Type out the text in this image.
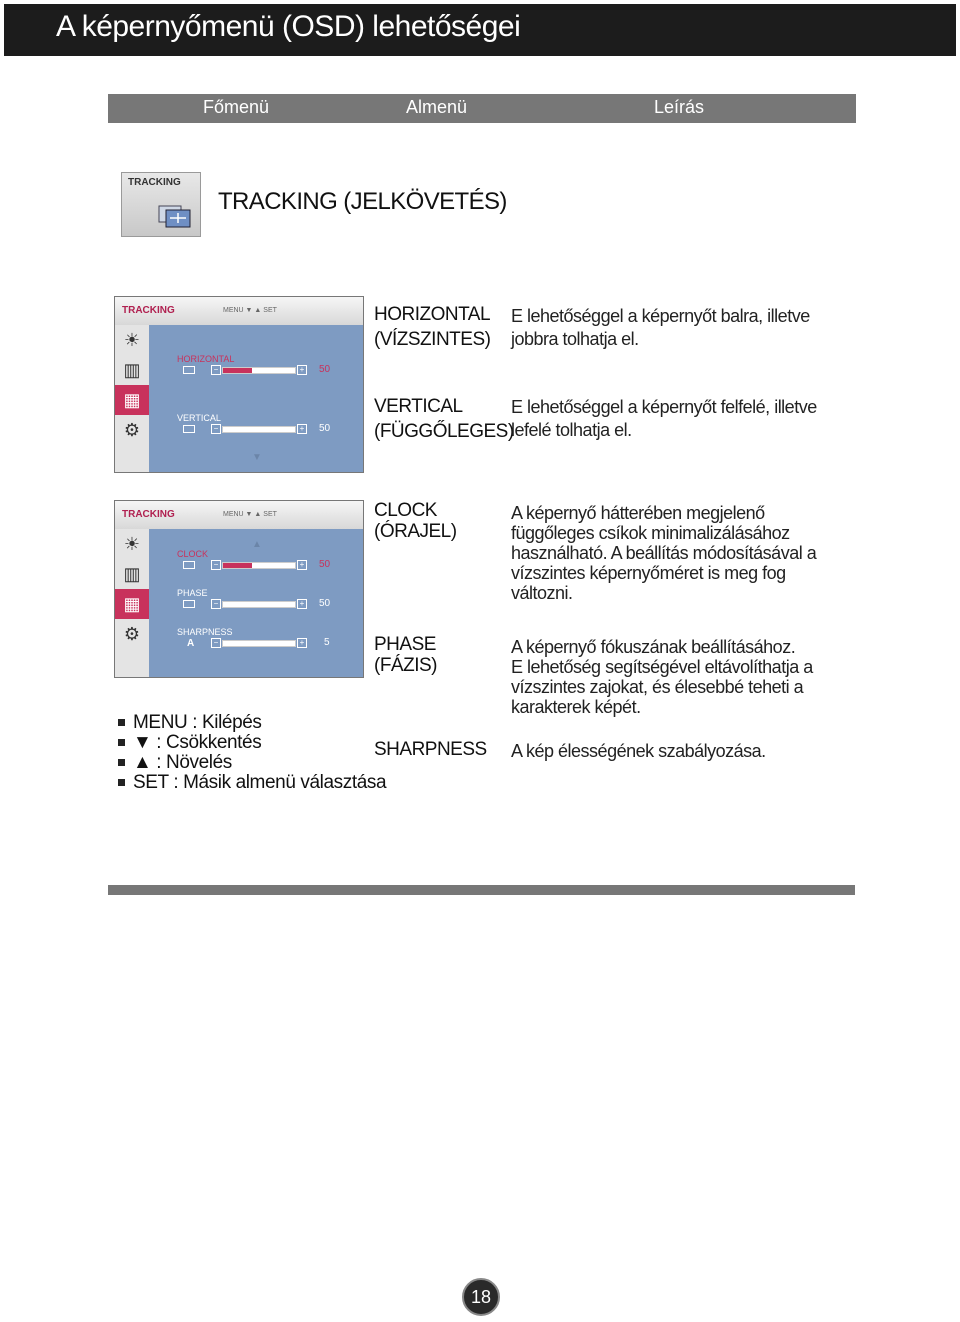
A képernyőmenü (OSD) lehetőségei
Főmenü	Almenü	Leírás
TRACKING
TRACKING (JELKÖVETÉS)
TRACKING	MENU ▼ ▲ SET
☀
▥
▦
⚙
HORIZONTAL
−	+ 50
VERTICAL
−	+ 50
▼
HORIZONTAL
(VÍZSZINTES)
E lehetőséggel a képernyőt balra, illetve
jobbra tolhatja el.
VERTICAL
(FÜGGŐLEGES)
E lehetőséggel a képernyőt felfelé, illetve
lefelé tolhatja el.
TRACKING	MENU ▼ ▲ SET
☀
▥
▦
⚙
▲
CLOCK
−	+ 50
PHASE
−	+ 50
SHARPNESS
A	−	+ 5
CLOCK
(ÓRAJEL)
A képernyő hátterében megjelenő
függőleges csíkok minimalizálásához
használható. A beállítás módosításával a
vízszintes képernyőméret is meg fog
változni.
PHASE
(FÁZIS)
A képernyő fókuszának beállításához.
E lehetőség segítségével eltávolíthatja a
vízszintes zajokat, és élesebbé teheti a
karakterek képét.
SHARPNESS A kép élességének szabályozása.
MENU : Kilépés
▼ : Csökkentés
▲ : Növelés
SET : Másik almenü választása
18
